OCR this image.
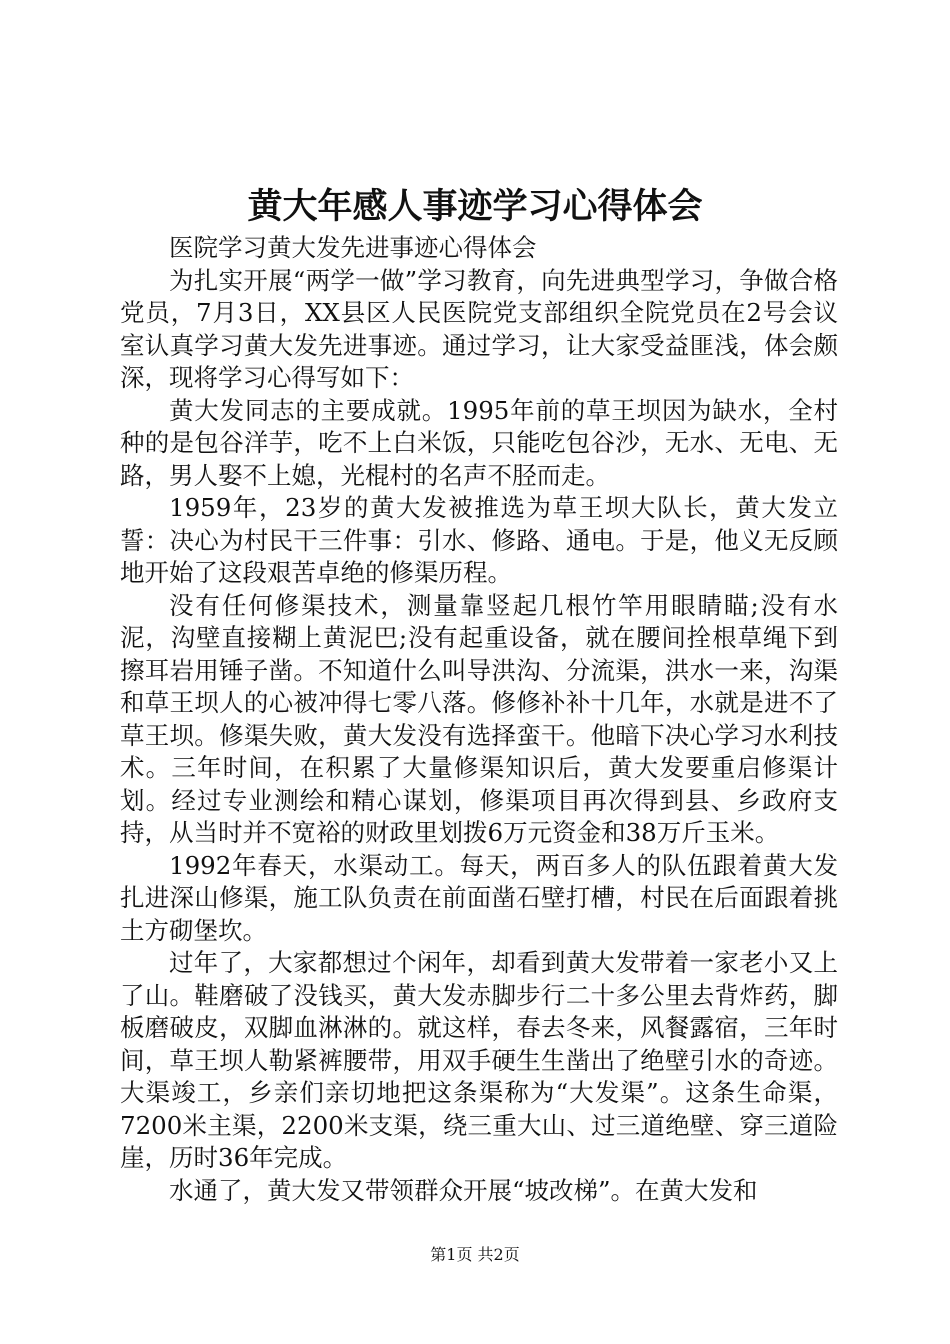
黄大年感人事迹学习心得体会

医院学习黄大发先进事迹心得体会

为扎实开展“两学一做”学习教育，向先进典型学习，争做合格党员，7月3日，XX县区人民医院党支部组织全院党员在2号会议室认真学习黄大发先进事迹。通过学习，让大家受益匪浅，体会颇深，现将学习心得写如下：

黄大发同志的主要成就。1995年前的草王坝因为缺水，全村种的是包谷洋芋，吃不上白米饭，只能吃包谷沙，无水、无电、无路，男人娶不上媳，光棍村的名声不胫而走。

1959年，23岁的黄大发被推选为草王坝大队长，黄大发立誓：决心为村民干三件事：引水、修路、通电。于是，他义无反顾地开始了这段艰苦卓绝的修渠历程。

没有任何修渠技术，测量靠竖起几根竹竿用眼睛瞄;没有水泥，沟壁直接糊上黄泥巴;没有起重设备，就在腰间拴根草绳下到擦耳岩用锤子凿。不知道什么叫导洪沟、分流渠，洪水一来，沟渠和草王坝人的心被冲得七零八落。修修补补十几年，水就是进不了草王坝。修渠失败，黄大发没有选择蛮干。他暗下决心学习水利技术。三年时间，在积累了大量修渠知识后，黄大发要重启修渠计划。经过专业测绘和精心谋划，修渠项目再次得到县、乡政府支持，从当时并不宽裕的财政里划拨6万元资金和38万斤玉米。

1992年春天，水渠动工。每天，两百多人的队伍跟着黄大发扎进深山修渠，施工队负责在前面凿石壁打槽，村民在后面跟着挑土方砌堡坎。

过年了，大家都想过个闲年，却看到黄大发带着一家老小又上了山。鞋磨破了没钱买，黄大发赤脚步行二十多公里去背炸药，脚板磨破皮，双脚血淋淋的。就这样，春去冬来，风餐露宿，三年时间，草王坝人勒紧裤腰带，用双手硬生生凿出了绝壁引水的奇迹。大渠竣工，乡亲们亲切地把这条渠称为“大发渠”。这条生命渠，7200米主渠，2200米支渠，绕三重大山、过三道绝壁、穿三道险崖，历时36年完成。

水通了，黄大发又带领群众开展“坡改梯”。在黄大发和

第1页 共2页
